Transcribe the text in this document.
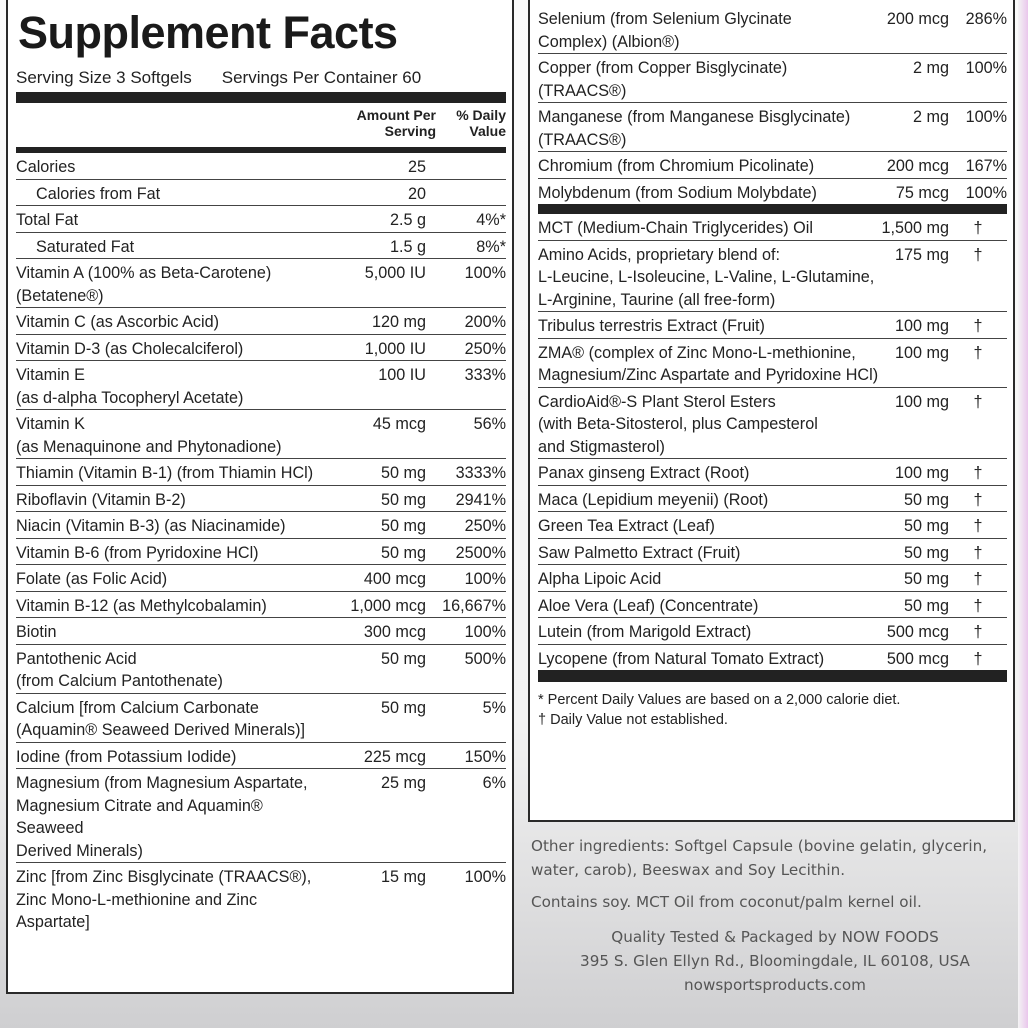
Supplement Facts
Serving Size 3 Softgels Servings Per Container 60
Amount Per Serving
% Daily Value
Calories	25
Calories from Fat	20
Total Fat	2.5 g	4%*
Saturated Fat	1.5 g	8%*
Vitamin A (100% as Beta-Carotene)
(Betatene®)
5,000 IU	100%
Vitamin C (as Ascorbic Acid)	120 mg	200%
Vitamin D-3 (as Cholecalciferol)	1,000 IU	250%
Vitamin E
(as d-alpha Tocopheryl Acetate)
100 IU	333%
Vitamin K
(as Menaquinone and Phytonadione)
45 mcg	56%
Thiamin (Vitamin B-1) (from Thiamin HCl)	50 mg	3333%
Riboflavin (Vitamin B-2)	50 mg	2941%
Niacin (Vitamin B-3) (as Niacinamide)	50 mg	250%
Vitamin B-6 (from Pyridoxine HCl)	50 mg	2500%
Folate (as Folic Acid)	400 mcg	100%
Vitamin B-12 (as Methylcobalamin)	1,000 mcg 16,667%
Biotin	300 mcg	100%
Pantothenic Acid
(from Calcium Pantothenate)
50 mg	500%
Calcium [from Calcium Carbonate
(Aquamin® Seaweed Derived Minerals)]
50 mg	5%
Iodine (from Potassium Iodide)	225 mcg	150%
Magnesium (from Magnesium Aspartate,
Magnesium Citrate and Aquamin® Seaweed
Derived Minerals)
25 mg	6%
Zinc [from Zinc Bisglycinate (TRAACS®),
Zinc Mono-L-methionine and Zinc Aspartate]
15 mg	100%
Selenium (from Selenium Glycinate
Complex) (Albion®)
200 mcg	286%
Copper (from Copper Bisglycinate)
(TRAACS®)
2 mg	100%
Manganese (from Manganese Bisglycinate)
(TRAACS®)
2 mg	100%
Chromium (from Chromium Picolinate)	200 mcg	167%
Molybdenum (from Sodium Molybdate)	75 mcg	100%
MCT (Medium-Chain Triglycerides) Oil	1,500 mg	†
Amino Acids, proprietary blend of:
L-Leucine, L-Isoleucine, L-Valine, L-Glutamine,
L-Arginine, Taurine (all free-form)
175 mg	†
Tribulus terrestris Extract (Fruit)	100 mg	†
ZMA® (complex of Zinc Mono-L-methionine,
Magnesium/Zinc Aspartate and Pyridoxine HCl)
100 mg	†
CardioAid®-S Plant Sterol Esters
(with Beta-Sitosterol, plus Campesterol
and Stigmasterol)
100 mg	†
Panax ginseng Extract (Root)	100 mg	†
Maca (Lepidium meyenii) (Root)	50 mg	†
Green Tea Extract (Leaf)	50 mg	†
Saw Palmetto Extract (Fruit)	50 mg	†
Alpha Lipoic Acid	50 mg	†
Aloe Vera (Leaf) (Concentrate)	50 mg	†
Lutein (from Marigold Extract)	500 mcg	†
Lycopene (from Natural Tomato Extract)	500 mcg	†
* Percent Daily Values are based on a 2,000 calorie diet.
† Daily Value not established.

Other ingredients: Softgel Capsule (bovine gelatin, glycerin, water, carob), Beeswax and Soy Lecithin.

Contains soy. MCT Oil from coconut/palm kernel oil.

Quality Tested & Packaged by NOW FOODS
395 S. Glen Ellyn Rd., Bloomingdale, IL 60108, USA
nowsportsproducts.com
